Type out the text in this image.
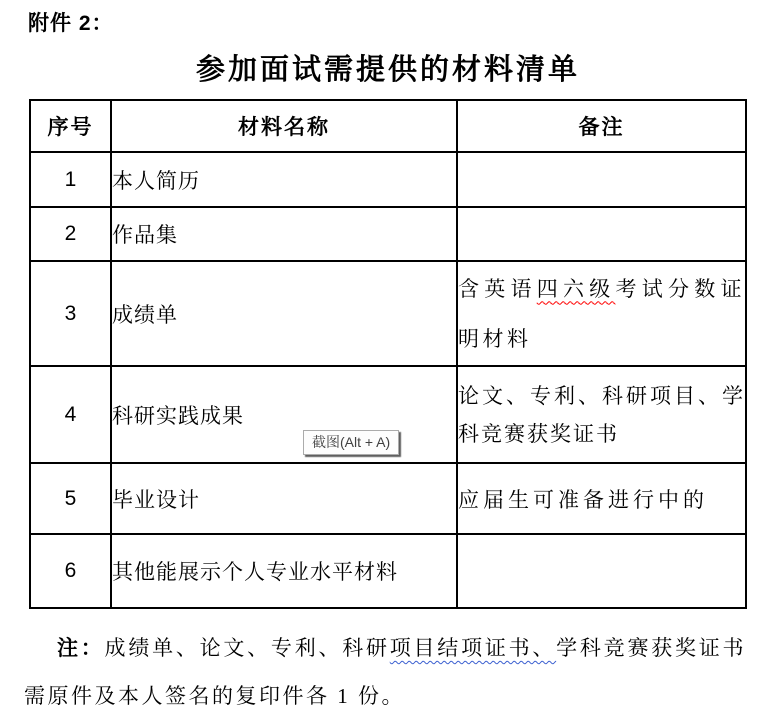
附件 2：
参加面试需提供的材料清单
序号	材料名称	备注
1	本人简历	
2	作品集	
3	成绩单	含英语四六级考试分数证明材料
4	科研实践成果	论文、专利、科研项目、学科竞赛获奖证书
5	毕业设计	应届生可准备进行中的
6	其他能展示个人专业水平材料	

注：成绩单、论文、专利、科研项目结项证书、学科竞赛获奖证书需原件及本人签名的复印件各 1 份。

截图(Alt + A)
